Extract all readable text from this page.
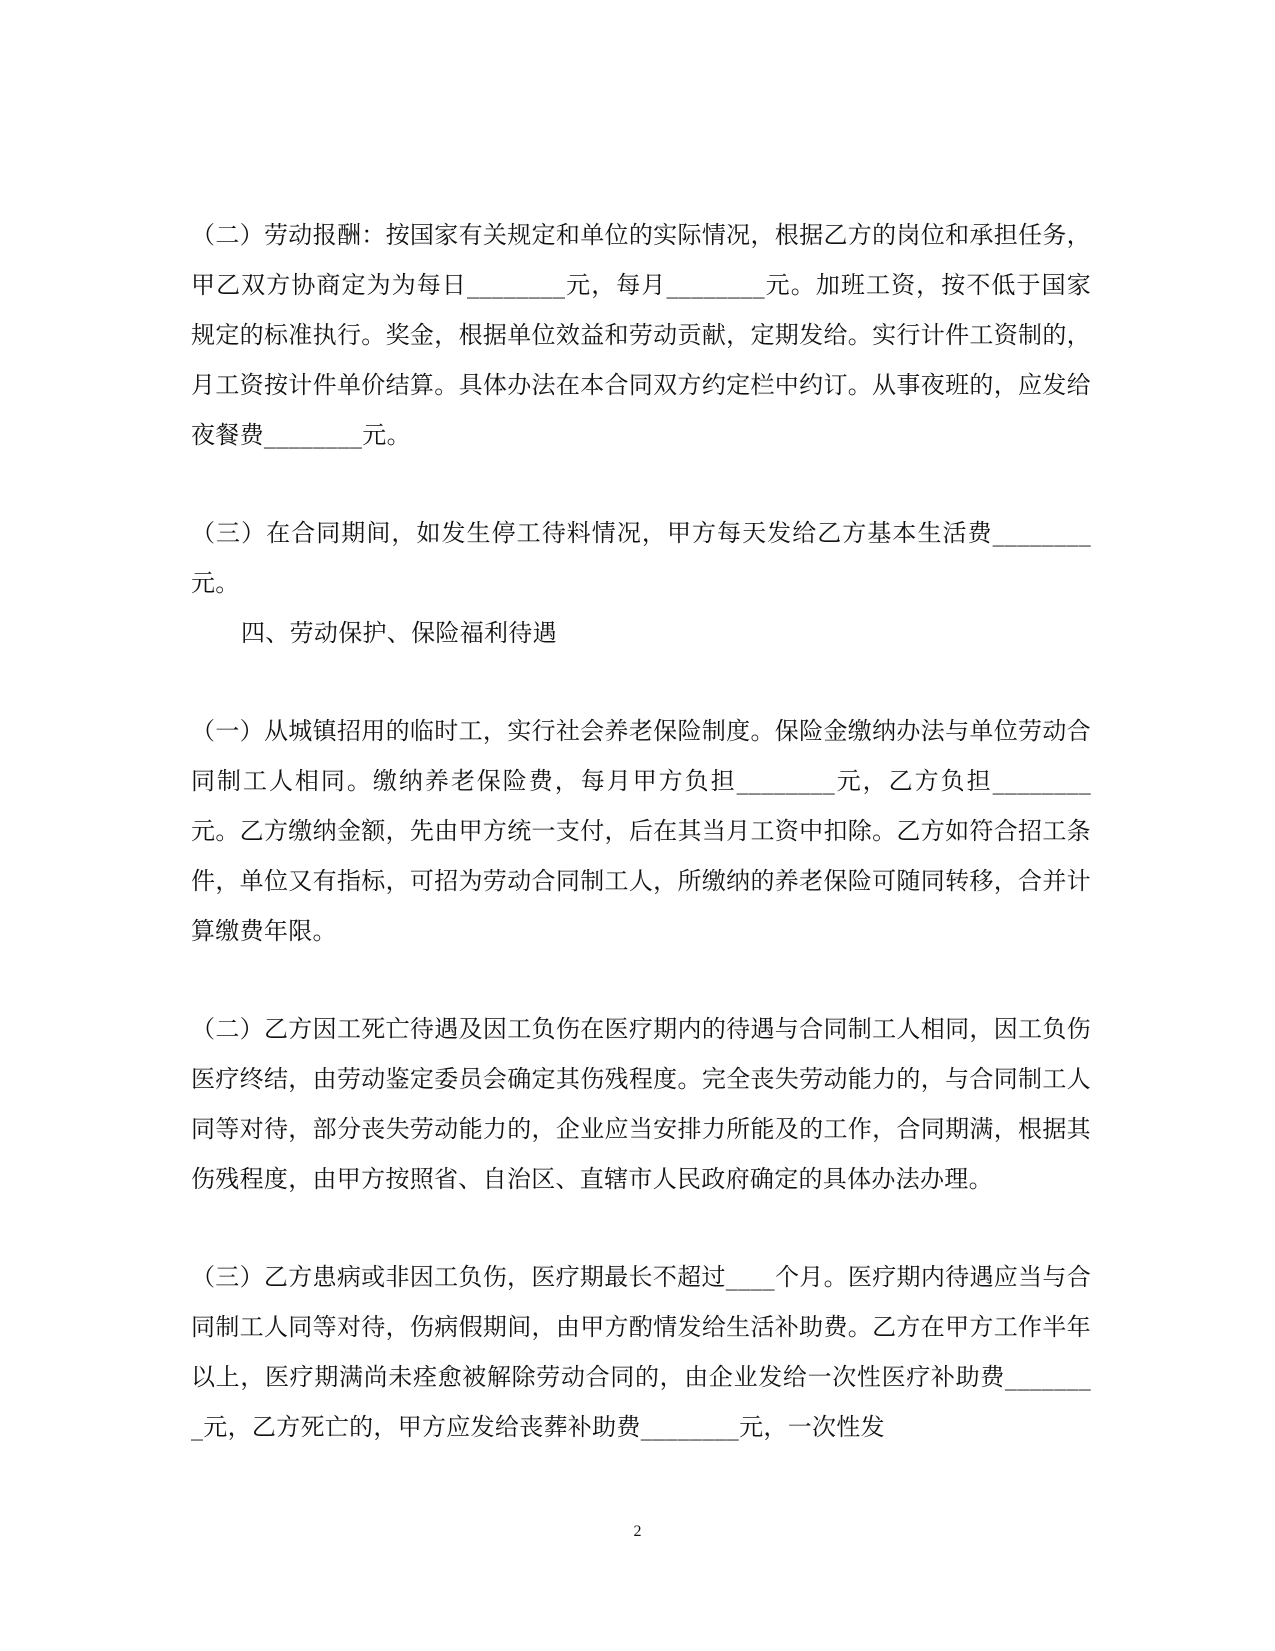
（二）劳动报酬：按国家有关规定和单位的实际情况，根据乙方的岗位和承担任务，甲乙双方协商定为为每日________元，每月________元。加班工资，按不低于国家规定的标准执行。奖金，根据单位效益和劳动贡献，定期发给。实行计件工资制的，月工资按计件单价结算。具体办法在本合同双方约定栏中约订。从事夜班的，应发给夜餐费________元。

（三）在合同期间，如发生停工待料情况，甲方每天发给乙方基本生活费________元。

四、劳动保护、保险福利待遇

（一）从城镇招用的临时工，实行社会养老保险制度。保险金缴纳办法与单位劳动合同制工人相同。缴纳养老保险费，每月甲方负担________元，乙方负担________元。乙方缴纳金额，先由甲方统一支付，后在其当月工资中扣除。乙方如符合招工条件，单位又有指标，可招为劳动合同制工人，所缴纳的养老保险可随同转移，合并计算缴费年限。

（二）乙方因工死亡待遇及因工负伤在医疗期内的待遇与合同制工人相同，因工负伤医疗终结，由劳动鉴定委员会确定其伤残程度。完全丧失劳动能力的，与合同制工人同等对待，部分丧失劳动能力的，企业应当安排力所能及的工作，合同期满，根据其伤残程度，由甲方按照省、自治区、直辖市人民政府确定的具体办法办理。

（三）乙方患病或非因工负伤，医疗期最长不超过____个月。医疗期内待遇应当与合同制工人同等对待，伤病假期间，由甲方酌情发给生活补助费。乙方在甲方工作半年以上，医疗期满尚未痊愈被解除劳动合同的，由企业发给一次性医疗补助费________元，乙方死亡的，甲方应发给丧葬补助费________元，一次性发

2
